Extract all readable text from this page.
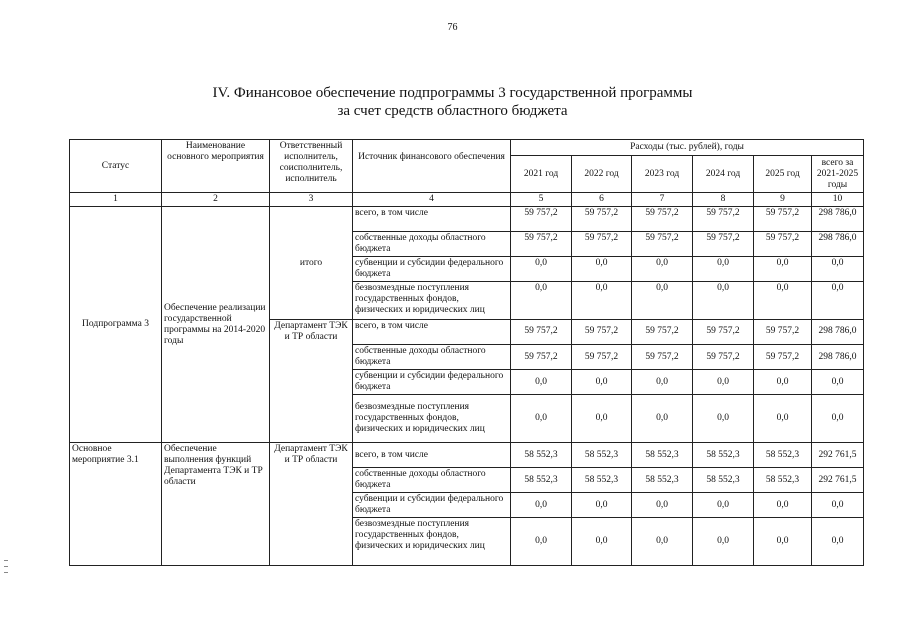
76
IV. Финансовое обеспечение подпрограммы 3 государственной программы
за счет средств областного бюджета
Статус	Наименование основного мероприятия	Ответственный исполнитель, соисполнитель, исполнитель	Источник финансового обеспечения	Расходы (тыс. рублей), годы					
				2021 год	2022 год	2023 год	2024 год	2025 год	всего за 2021-2025 годы
1	2	3	4	5	6	7	8	9	10
Подпрограмма 3	Обеспечение реализации государственной программы на 2014-2020 годы	итого	всего, в том числе	59 757,2	59 757,2	59 757,2	59 757,2	59 757,2	298 786,0
			собственные доходы областного бюджета	59 757,2	59 757,2	59 757,2	59 757,2	59 757,2	298 786,0
			субвенции и субсидии федерального бюджета	0,0	0,0	0,0	0,0	0,0	0,0
			безвозмездные поступления государственных фондов, физических и юридических лиц	0,0	0,0	0,0	0,0	0,0	0,0
		Департамент ТЭК и ТР области	всего, в том числе	59 757,2	59 757,2	59 757,2	59 757,2	59 757,2	298 786,0
			собственные доходы областного бюджета	59 757,2	59 757,2	59 757,2	59 757,2	59 757,2	298 786,0
			субвенции и субсидии федерального бюджета	0,0	0,0	0,0	0,0	0,0	0,0
			безвозмездные поступления государственных фондов, физических и юридических лиц	0,0	0,0	0,0	0,0	0,0	0,0
Основное мероприятие 3.1	Обеспечение выполнения функций Департамента ТЭК и ТР области	Департамент ТЭК и ТР области	всего, в том числе	58 552,3	58 552,3	58 552,3	58 552,3	58 552,3	292 761,5
			собственные доходы областного бюджета	58 552,3	58 552,3	58 552,3	58 552,3	58 552,3	292 761,5
			субвенции и субсидии федерального бюджета	0,0	0,0	0,0	0,0	0,0	0,0
			безвозмездные поступления государственных фондов, физических и юридических лиц	0,0	0,0	0,0	0,0	0,0	0,0
